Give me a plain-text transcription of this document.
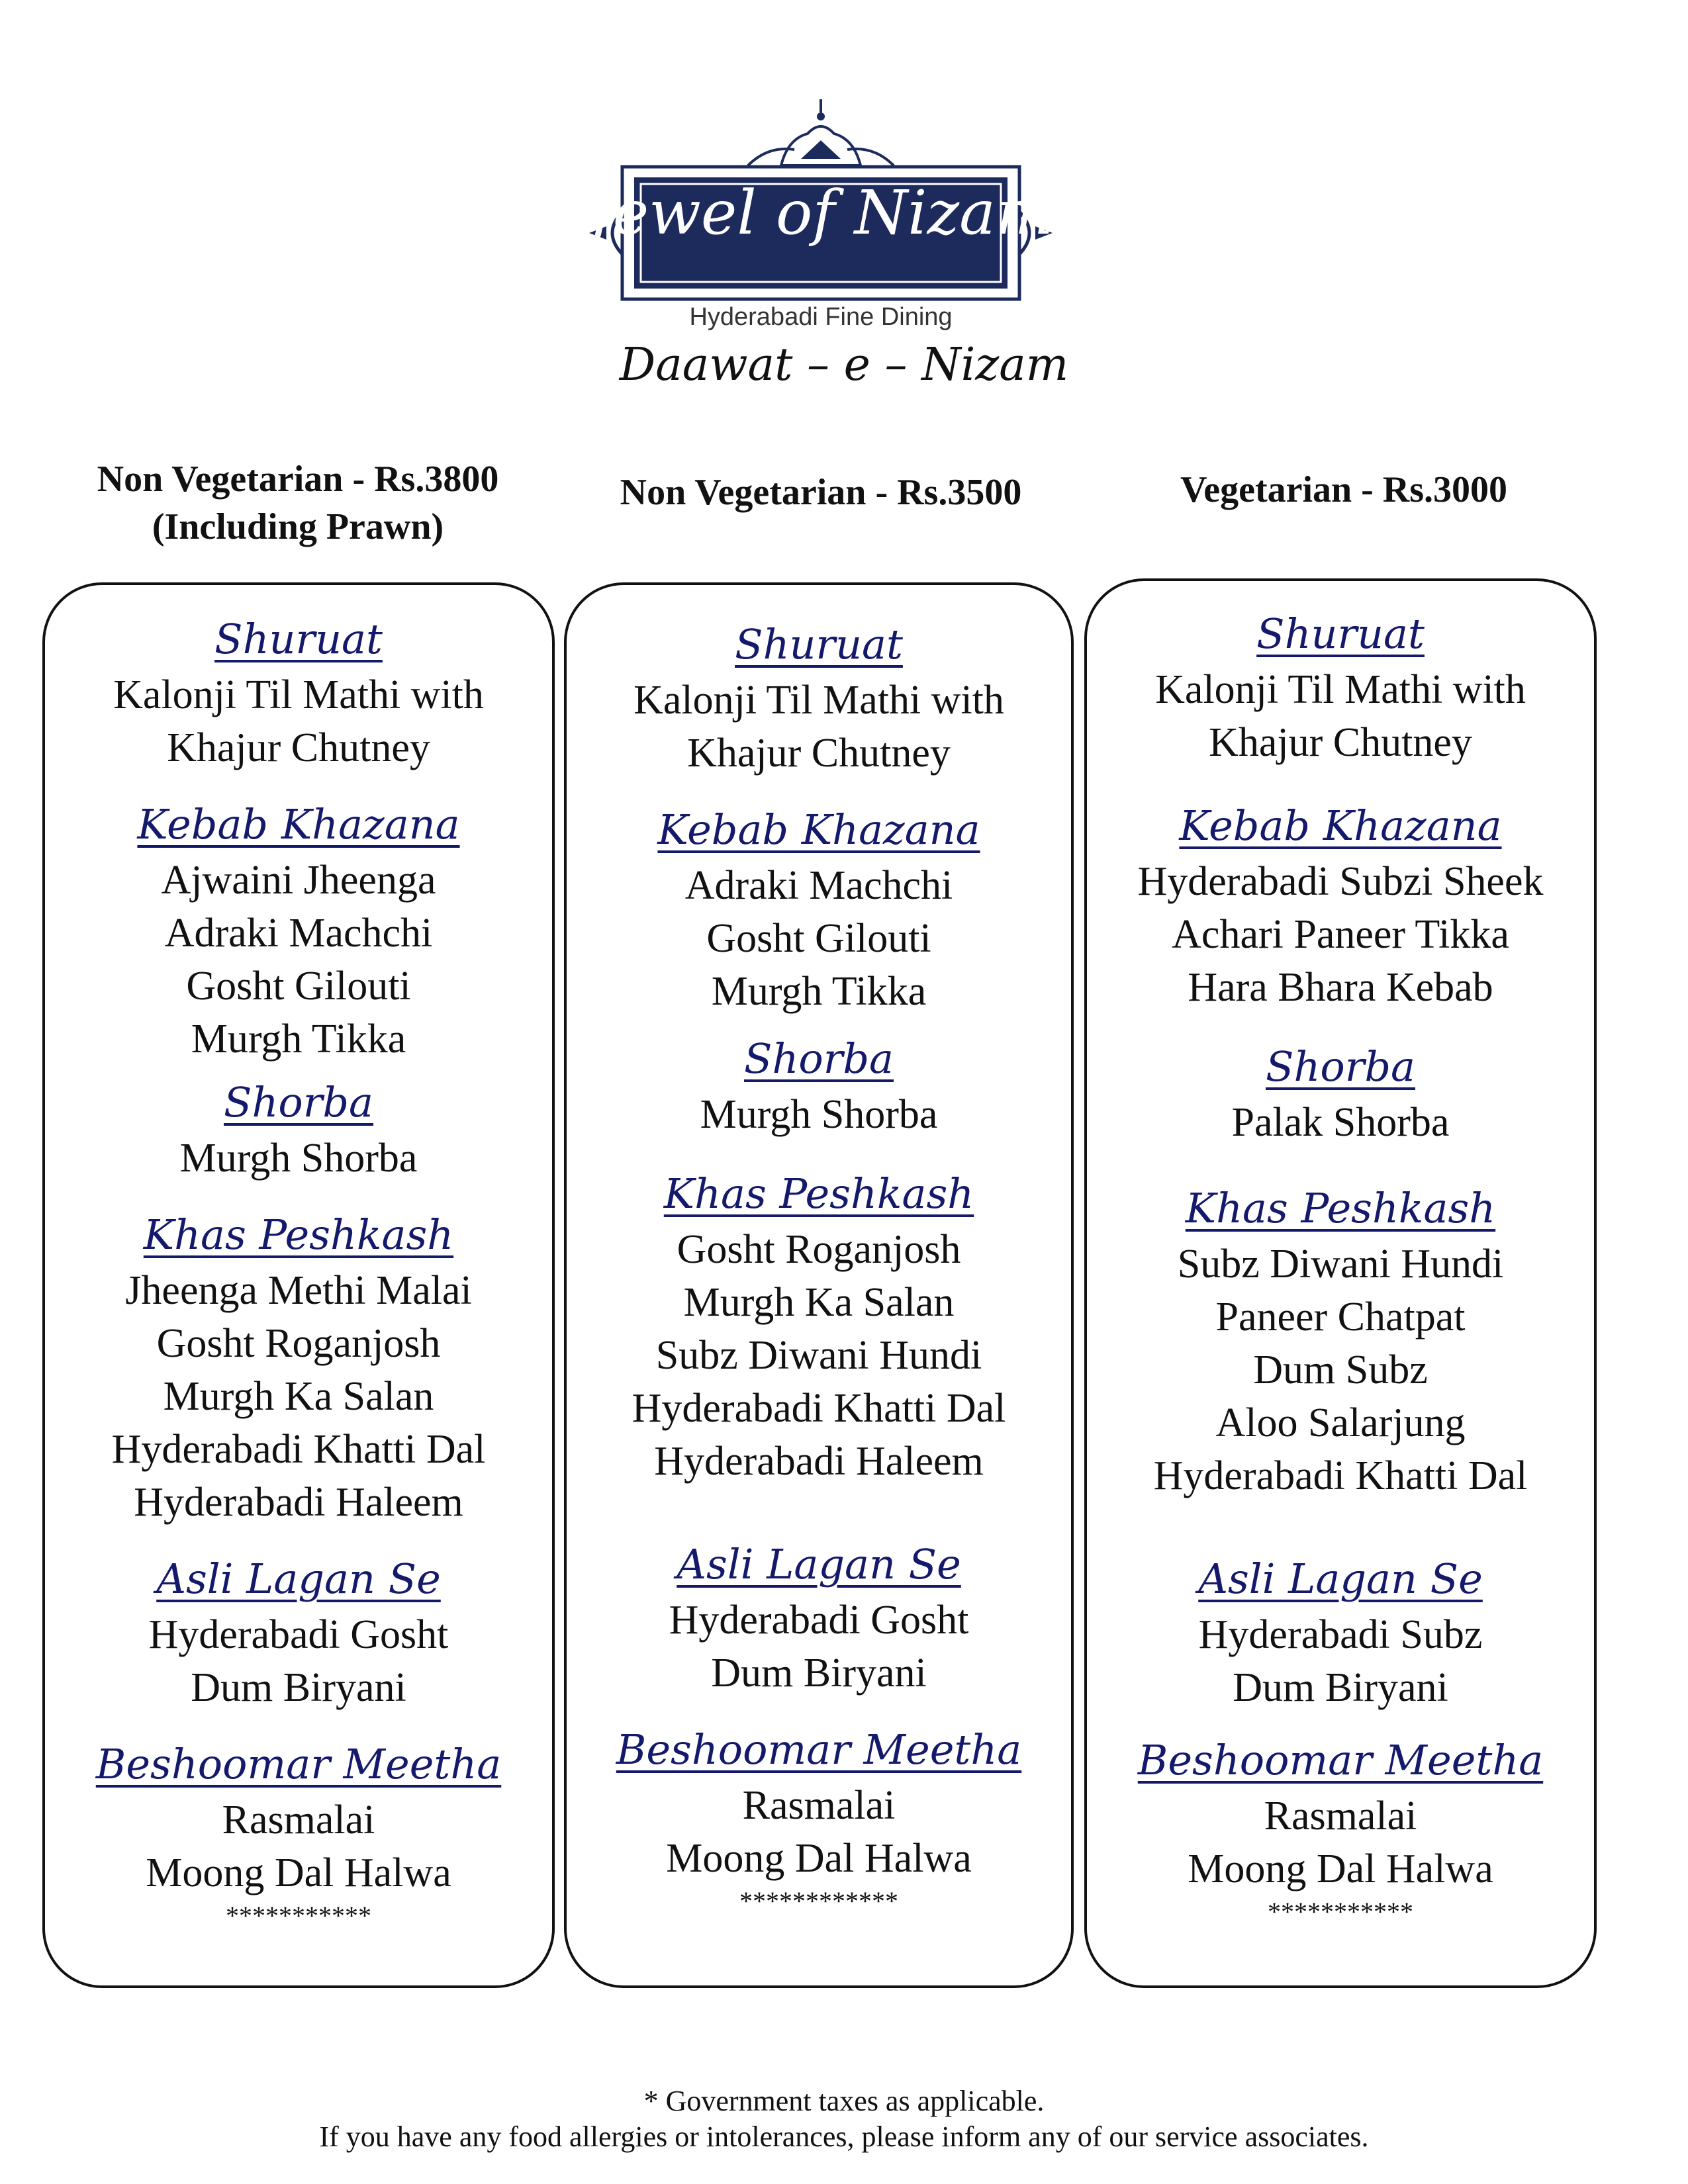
Jewel of Nizam
Hyderabadi Fine Dining
Daawat – e – Nizam
Non Vegetarian - Rs.3800
(Including Prawn)
Non Vegetarian - Rs.3500	Vegetarian - Rs.3000
Shuruat
Kalonji Til Mathi with
Khajur Chutney
Kebab Khazana
Ajwaini Jheenga
Adraki Machchi
Gosht Gilouti
Murgh Tikka
Shorba
Murgh Shorba
Khas Peshkash
Jheenga Methi Malai
Gosht Roganjosh
Murgh Ka Salan
Hyderabadi Khatti Dal
Hyderabadi Haleem
Asli Lagan Se
Hyderabadi Gosht
Dum Biryani
Beshoomar Meetha
Rasmalai
Moong Dal Halwa
***********
Shuruat
Kalonji Til Mathi with
Khajur Chutney
Kebab Khazana
Adraki Machchi
Gosht Gilouti
Murgh Tikka
Shorba
Murgh Shorba
Khas Peshkash
Gosht Roganjosh
Murgh Ka Salan
Subz Diwani Hundi
Hyderabadi Khatti Dal
Hyderabadi Haleem
Asli Lagan Se
Hyderabadi Gosht
Dum Biryani
Beshoomar Meetha
Rasmalai
Moong Dal Halwa
************
Shuruat
Kalonji Til Mathi with
Khajur Chutney
Kebab Khazana
Hyderabadi Subzi Sheek
Achari Paneer Tikka
Hara Bhara Kebab
Shorba
Palak Shorba
Khas Peshkash
Subz Diwani Hundi
Paneer Chatpat
Dum Subz
Aloo Salarjung
Hyderabadi Khatti Dal
Asli Lagan Se
Hyderabadi Subz
Dum Biryani
Beshoomar Meetha
Rasmalai
Moong Dal Halwa
***********
* Government taxes as applicable.
If you have any food allergies or intolerances, please inform any of our service associates.
